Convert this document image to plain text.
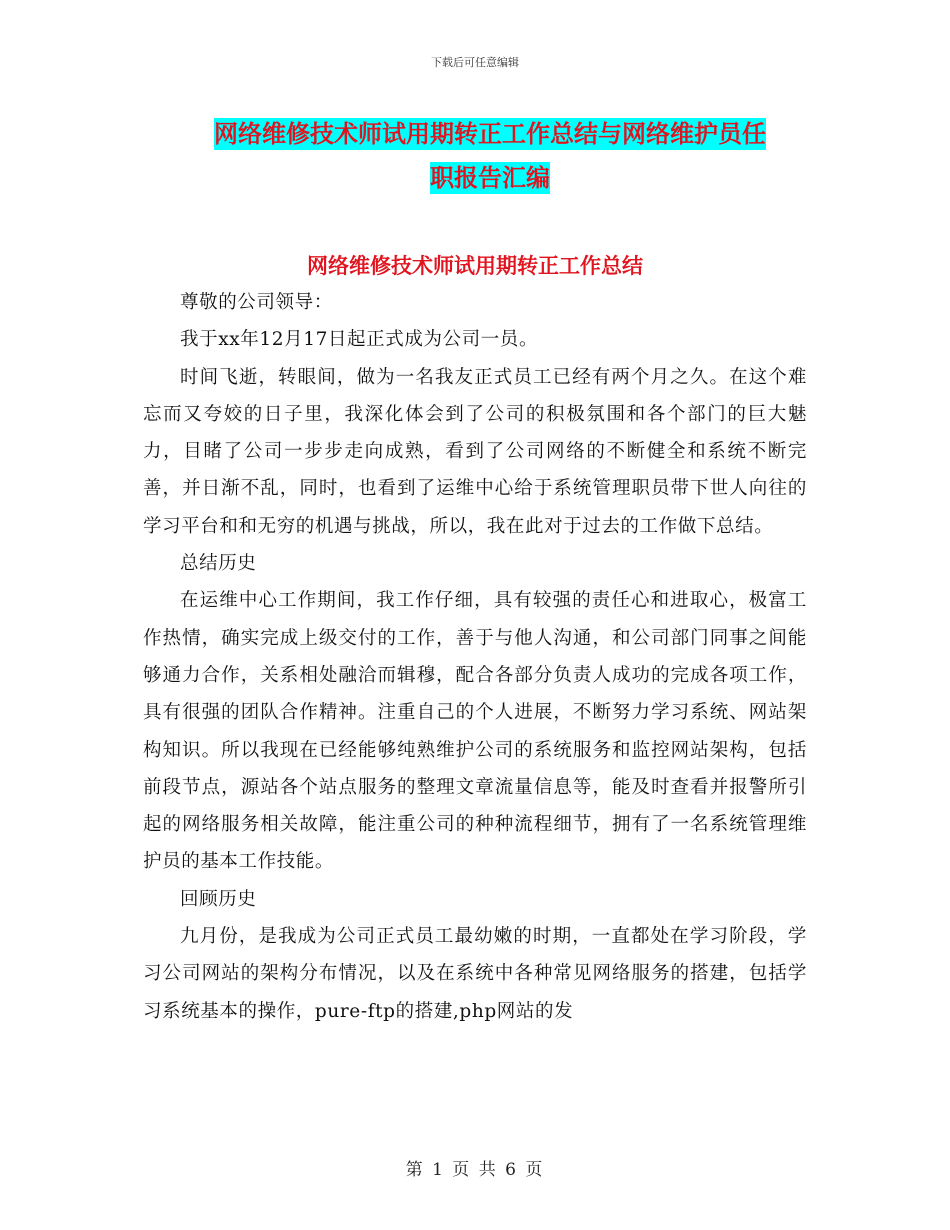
下载后可任意编辑
网络维修技术师试用期转正工作总结与网络维护员任
职报告汇编
网络维修技术师试用期转正工作总结

尊敬的公司领导：

我于xx年12月17日起正式成为公司一员。

时间飞逝，转眼间，做为一名我友正式员工已经有两个月之久。在这个难忘而又夸姣的日子里，我深化体会到了公司的积极氛围和各个部门的巨大魅力，目睹了公司一步步走向成熟，看到了公司网络的不断健全和系统不断完善，并日渐不乱，同时，也看到了运维中心给于系统管理职员带下世人向往的学习平台和和无穷的机遇与挑战，所以，我在此对于过去的工作做下总结。

总结历史

在运维中心工作期间，我工作仔细，具有较强的责任心和进取心，极富工作热情，确实完成上级交付的工作，善于与他人沟通，和公司部门同事之间能够通力合作，关系相处融洽而辑穆，配合各部分负责人成功的完成各项工作，具有很强的团队合作精神。注重自己的个人进展，不断努力学习系统、网站架构知识。所以我现在已经能够纯熟维护公司的系统服务和监控网站架构，包括前段节点，源站各个站点服务的整理文章流量信息等，能及时查看并报警所引起的网络服务相关故障，能注重公司的种种流程细节，拥有了一名系统管理维护员的基本工作技能。

回顾历史

九月份，是我成为公司正式员工最幼嫩的时期，一直都处在学习阶段，学习公司网站的架构分布情况，以及在系统中各种常见网络服务的搭建，包括学习系统基本的操作，pure-ftp的搭建,php网站的发

第 1 页 共 6 页
